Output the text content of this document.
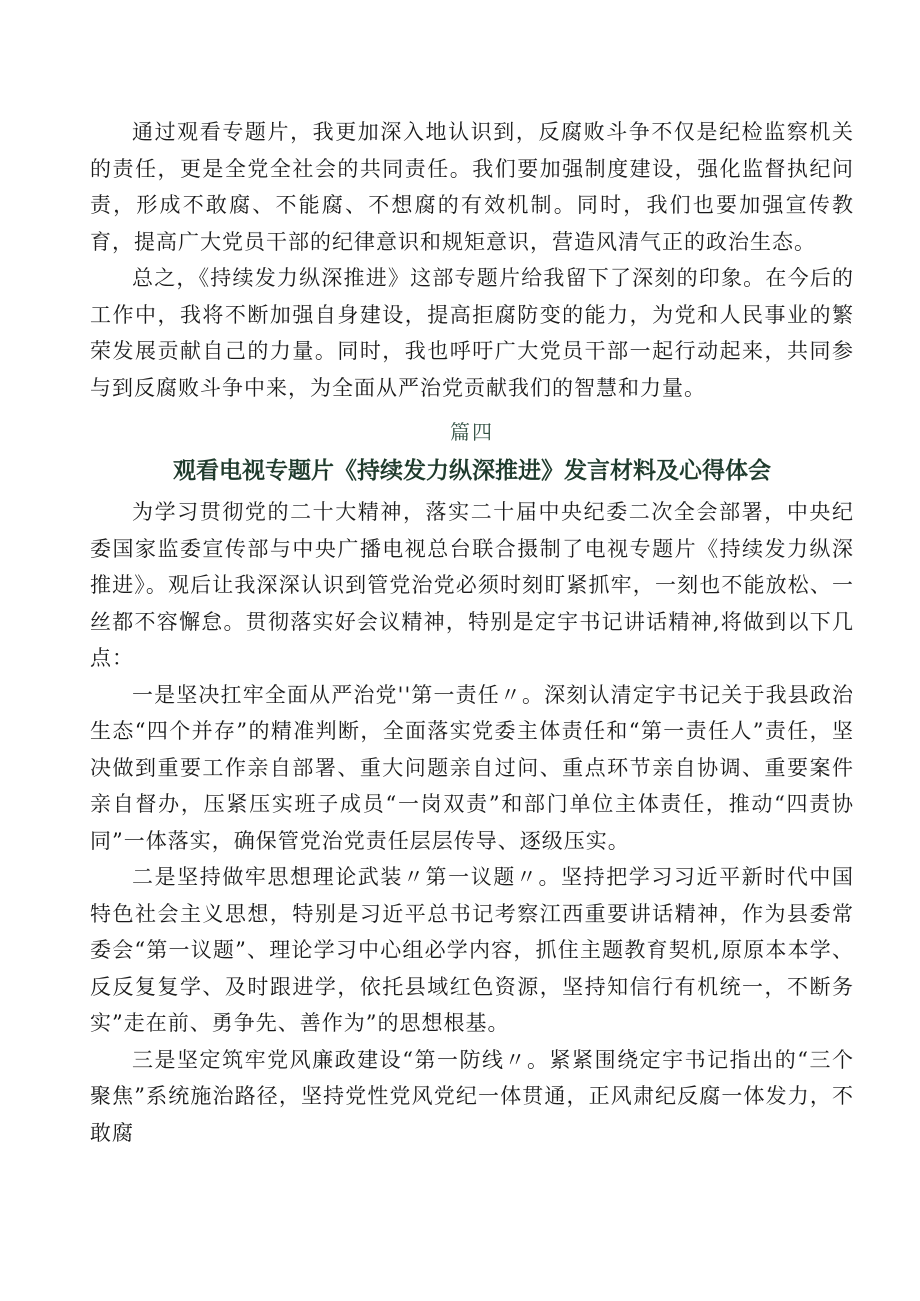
通过观看专题片，我更加深入地认识到，反腐败斗争不仅是纪检监察机关的责任，更是全党全社会的共同责任。我们要加强制度建设，强化监督执纪问责，形成不敢腐、不能腐、不想腐的有效机制。同时，我们也要加强宣传教育，提高广大党员干部的纪律意识和规矩意识，营造风清气正的政治生态。

总之，《持续发力纵深推进》这部专题片给我留下了深刻的印象。在今后的工作中，我将不断加强自身建设，提高拒腐防变的能力，为党和人民事业的繁荣发展贡献自己的力量。同时，我也呼吁广大党员干部一起行动起来，共同参与到反腐败斗争中来，为全面从严治党贡献我们的智慧和力量。

篇四

观看电视专题片《持续发力纵深推进》发言材料及心得体会

为学习贯彻党的二十大精神，落实二十届中央纪委二次全会部署，中央纪委国家监委宣传部与中央广播电视总台联合摄制了电视专题片《持续发力纵深推进》。观后让我深深认识到管党治党必须时刻盯紧抓牢，一刻也不能放松、一丝都不容懈怠。贯彻落实好会议精神，特别是定宇书记讲话精神,将做到以下几点：

一是坚决扛牢全面从严治党''第一责任〃。深刻认清定宇书记关于我县政治生态“四个并存”的精准判断，全面落实党委主体责任和“第一责任人”责任，坚决做到重要工作亲自部署、重大问题亲自过问、重点环节亲自协调、重要案件亲自督办，压紧压实班子成员“一岗双责”和部门单位主体责任，推动“四责协同”一体落实，确保管党治党责任层层传导、逐级压实。

二是坚持做牢思想理论武装〃第一议题〃。坚持把学习习近平新时代中国特色社会主义思想，特别是习近平总书记考察江西重要讲话精神，作为县委常委会“第一议题”、理论学习中心组必学内容，抓住主题教育契机,原原本本学、反反复复学、及时跟进学，依托县域红色资源，坚持知信行有机统一，不断务实”走在前、勇争先、善作为”的思想根基。

三是坚定筑牢党风廉政建设“第一防线〃。紧紧围绕定宇书记指出的“三个聚焦”系统施治路径，坚持党性党风党纪一体贯通，正风肃纪反腐一体发力，不敢腐
